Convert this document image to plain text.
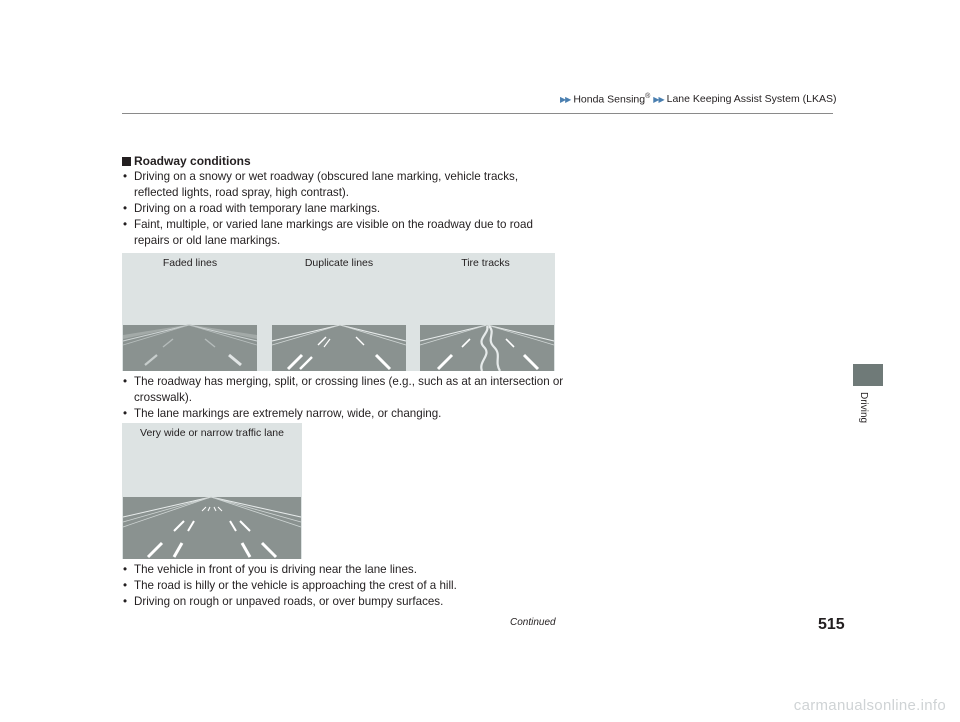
▶▶ Honda Sensing® ▶▶ Lane Keeping Assist System (LKAS)
Driving
Roadway conditions
• Driving on a snowy or wet roadway (obscured lane marking, vehicle tracks, reflected lights, road spray, high contrast).
• Driving on a road with temporary lane markings.
• Faint, multiple, or varied lane markings are visible on the roadway due to road repairs or old lane markings.
Faded lines	Duplicate lines	Tire tracks
• The roadway has merging, split, or crossing lines (e.g., such as at an intersection or crosswalk).
• The lane markings are extremely narrow, wide, or changing.
Very wide or narrow traffic lane
• The vehicle in front of you is driving near the lane lines.
• The road is hilly or the vehicle is approaching the crest of a hill.
• Driving on rough or unpaved roads, or over bumpy surfaces.
Continued	515
carmanualsonline.info
